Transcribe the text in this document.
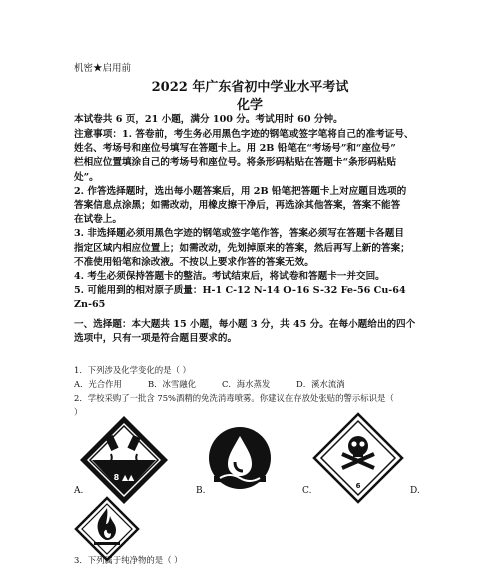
机密★启用前
2022 年广东省初中学业水平考试
化学
本试卷共 6 页，21 小题，满分 100 分。考试用时 60 分钟。
注意事项：1. 答卷前，考生务必用黑色字迹的钢笔或签字笔将自己的准考证号、
姓名、考场号和座位号填写在答题卡上。用 2B 铅笔在“考场号”和“座位号”
栏相应位置填涂自己的考场号和座位号。将条形码粘贴在答题卡“条形码粘贴
处”。
2. 作答选择题时，选出每小题答案后，用 2B 铅笔把答题卡上对应题目选项的
答案信息点涂黑；如需改动，用橡皮擦干净后，再选涂其他答案，答案不能答
在试卷上。
3. 非选择题必须用黑色字迹的钢笔或签字笔作答，答案必须写在答题卡各题目
指定区域内相应位置上；如需改动，先划掉原来的答案，然后再写上新的答案；
不准使用铅笔和涂改液。不按以上要求作答的答案无效。
4. 考生必须保持答题卡的整洁。考试结束后，将试卷和答题卡一并交回。
5. 可能用到的相对原子质量：H-1 C-12 N-14 O-16 S-32 Fe-56 Cu-64
Zn-65
一、选择题：本大题共 15 小题，每小题 3 分，共 45 分。在每小题给出的四个
选项中，只有一项是符合题目要求的。
1．下列涉及化学变化的是（ ）
A．光合作用	B．冰雪融化	C．海水蒸发	D．溪水流淌
2．学校采购了一批含 75%酒精的免洗消毒喷雾。你建议在存放处张贴的警示标识是（
）
8 ▲▲
A.	B.	6
C.	D.
3．下列属于纯净物的是（ ）
